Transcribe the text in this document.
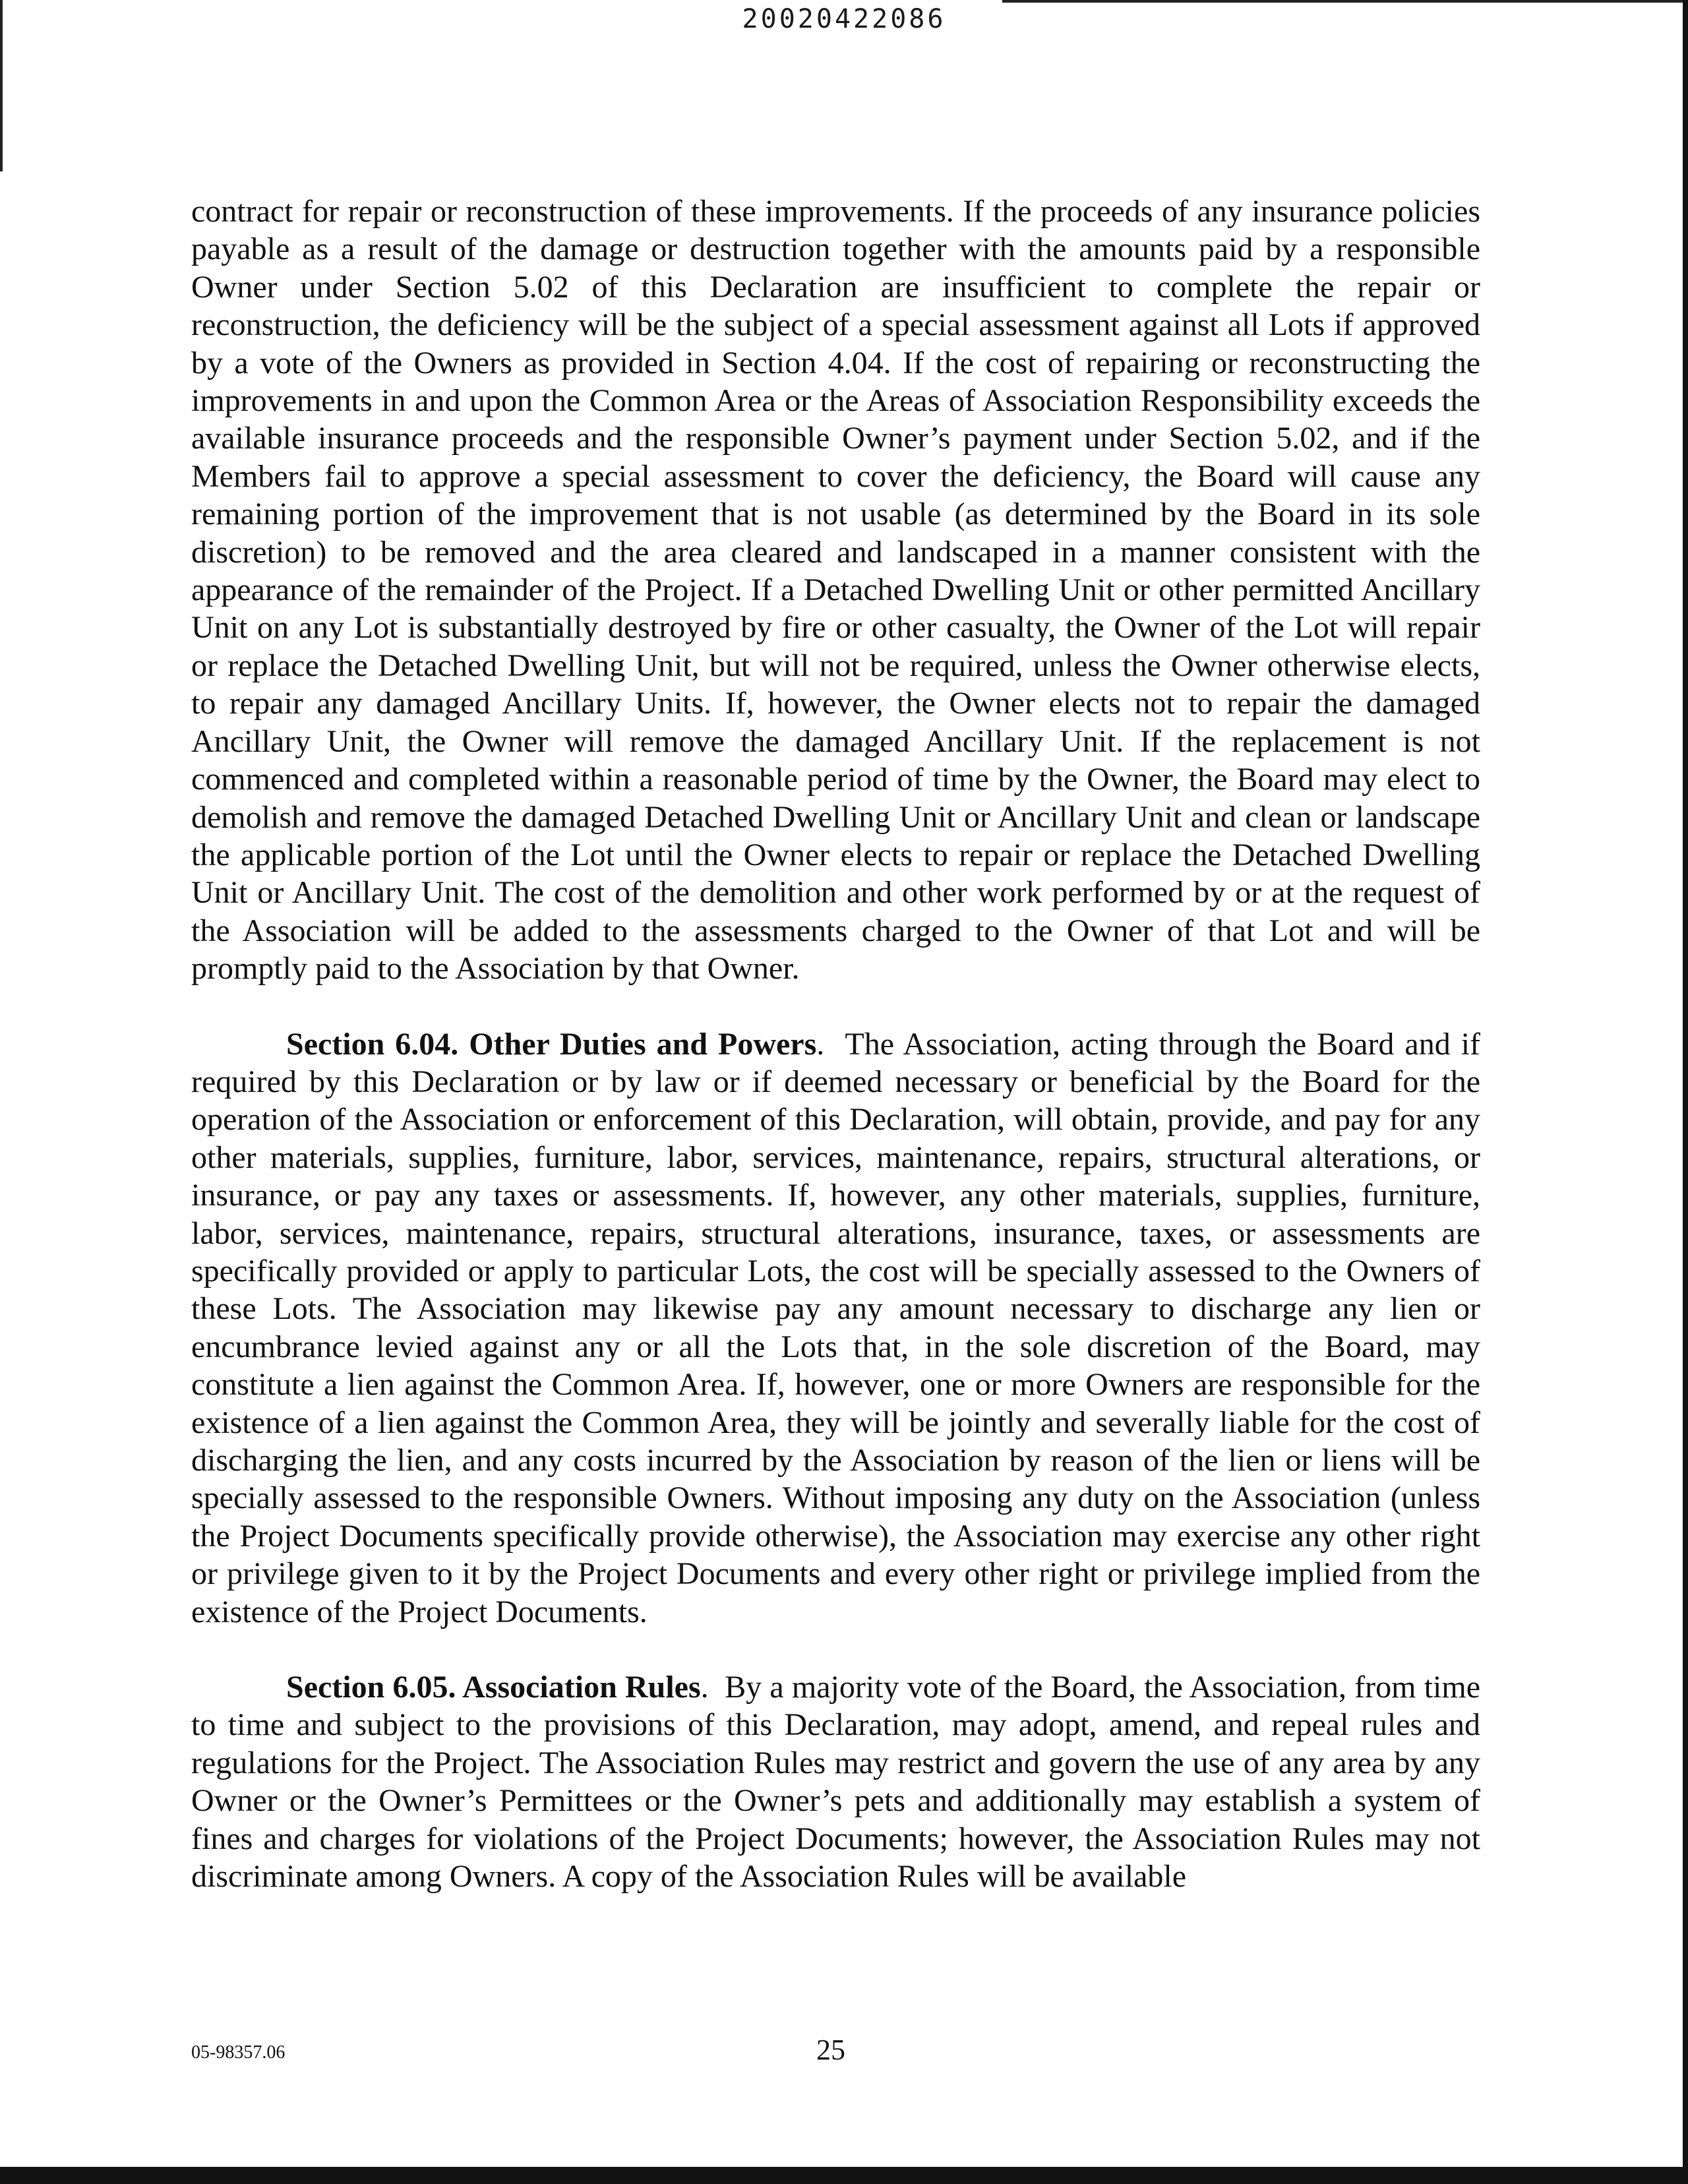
20020422086

contract for repair or reconstruction of these improvements. If the proceeds of any insurance policies payable as a result of the damage or destruction together with the amounts paid by a responsible Owner under Section 5.02 of this Declaration are insufficient to complete the repair or reconstruction, the deficiency will be the subject of a special assessment against all Lots if approved by a vote of the Owners as provided in Section 4.04. If the cost of repairing or reconstructing the improvements in and upon the Common Area or the Areas of Association Responsibility exceeds the available insurance proceeds and the responsible Owner’s payment under Section 5.02, and if the Members fail to approve a special assessment to cover the deficiency, the Board will cause any remaining portion of the improvement that is not usable (as determined by the Board in its sole discretion) to be removed and the area cleared and landscaped in a manner consistent with the appearance of the remainder of the Project. If a Detached Dwelling Unit or other permitted Ancillary Unit on any Lot is substantially destroyed by fire or other casualty, the Owner of the Lot will repair or replace the Detached Dwelling Unit, but will not be required, unless the Owner otherwise elects, to repair any damaged Ancillary Units. If, however, the Owner elects not to repair the damaged Ancillary Unit, the Owner will remove the damaged Ancillary Unit. If the replacement is not commenced and completed within a reasonable period of time by the Owner, the Board may elect to demolish and remove the damaged Detached Dwelling Unit or Ancillary Unit and clean or landscape the applicable portion of the Lot until the Owner elects to repair or replace the Detached Dwelling Unit or Ancillary Unit. The cost of the demolition and other work performed by or at the request of the Association will be added to the assessments charged to the Owner of that Lot and will be promptly paid to the Association by that Owner.

Section 6.04. Other Duties and Powers.  The Association, acting through the Board and if required by this Declaration or by law or if deemed necessary or beneficial by the Board for the operation of the Association or enforcement of this Declaration, will obtain, provide, and pay for any other materials, supplies, furniture, labor, services, maintenance, repairs, structural alterations, or insurance, or pay any taxes or assessments. If, however, any other materials, supplies, furniture, labor, services, maintenance, repairs, structural alterations, insurance, taxes, or assessments are specifically provided or apply to particular Lots, the cost will be specially assessed to the Owners of these Lots. The Association may likewise pay any amount necessary to discharge any lien or encumbrance levied against any or all the Lots that, in the sole discretion of the Board, may constitute a lien against the Common Area. If, however, one or more Owners are responsible for the existence of a lien against the Common Area, they will be jointly and severally liable for the cost of discharging the lien, and any costs incurred by the Association by reason of the lien or liens will be specially assessed to the responsible Owners. Without imposing any duty on the Association (unless the Project Documents specifically provide otherwise), the Association may exercise any other right or privilege given to it by the Project Documents and every other right or privilege implied from the existence of the Project Documents.

Section 6.05. Association Rules.  By a majority vote of the Board, the Association, from time to time and subject to the provisions of this Declaration, may adopt, amend, and repeal rules and regulations for the Project. The Association Rules may restrict and govern the use of any area by any Owner or the Owner’s Permittees or the Owner’s pets and additionally may establish a system of fines and charges for violations of the Project Documents; however, the Association Rules may not discriminate among Owners. A copy of the Association Rules will be available

05-98357.06	25
